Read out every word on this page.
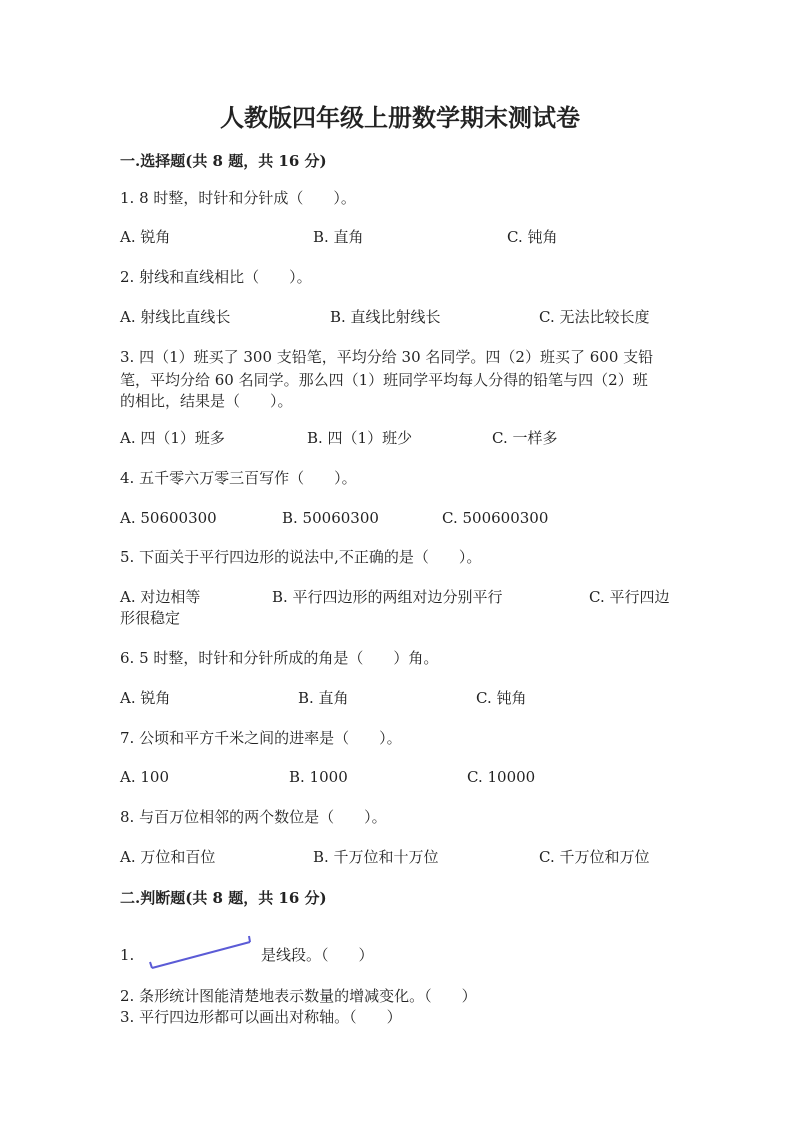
人教版四年级上册数学期末测试卷
一.选择题(共 8 题，共 16 分)
1. 8 时整，时针和分针成（　　）。
A. 锐角	B. 直角	C. 钝角
2. 射线和直线相比（　　）。
A. 射线比直线长	B. 直线比射线长	C. 无法比较长度
3. 四（1）班买了 300 支铅笔，平均分给 30 名同学。四（2）班买了 600 支铅
笔，平均分给 60 名同学。那么四（1）班同学平均每人分得的铅笔与四（2）班
的相比，结果是（　　）。
A. 四（1）班多	B. 四（1）班少	C. 一样多
4. 五千零六万零三百写作（　　）。
A. 50600300	B. 50060300	C. 500600300
5. 下面关于平行四边形的说法中,不正确的是（　　）。
A. 对边相等	B. 平行四边形的两组对边分别平行	C. 平行四边
形很稳定
6. 5 时整，时针和分针所成的角是（　　）角。
A. 锐角	B. 直角	C. 钝角
7. 公顷和平方千米之间的进率是（　　）。
A. 100	B. 1000	C. 10000
8. 与百万位相邻的两个数位是（　　）。
A. 万位和百位	B. 千万位和十万位	C. 千万位和万位
二.判断题(共 8 题，共 16 分)
1.	是线段。（　　）
2. 条形统计图能清楚地表示数量的增减变化。（　　）
3. 平行四边形都可以画出对称轴。（　　）
